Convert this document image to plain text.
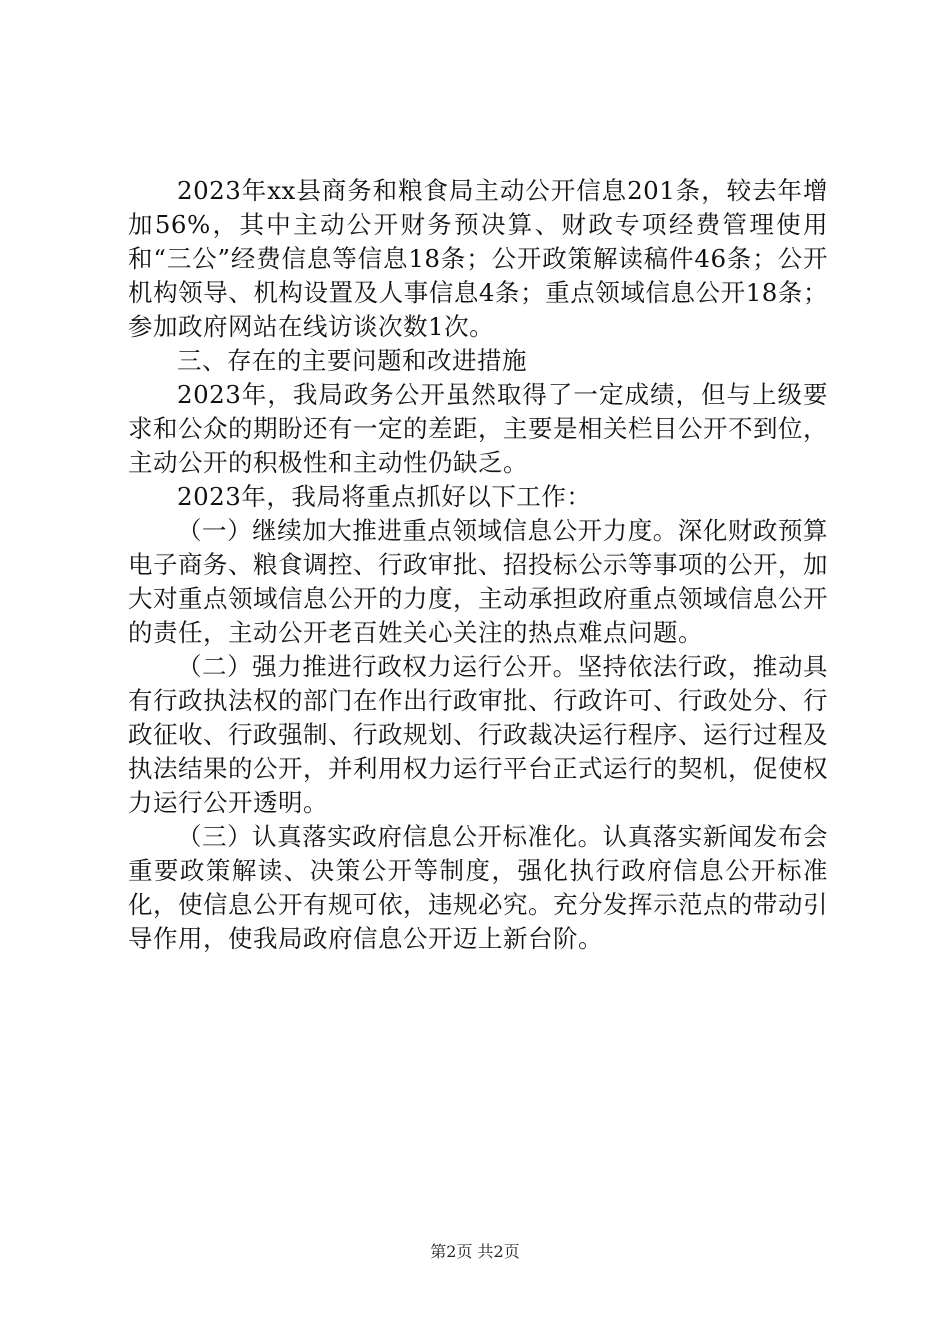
2023年xx县商务和粮食局主动公开信息201条，较去年增加56%，其中主动公开财务预决算、财政专项经费管理使用和“三公”经费信息等信息18条；公开政策解读稿件46条；公开机构领导、机构设置及人事信息4条；重点领域信息公开18条；参加政府网站在线访谈次数1次。

三、存在的主要问题和改进措施

2023年，我局政务公开虽然取得了一定成绩，但与上级要求和公众的期盼还有一定的差距，主要是相关栏目公开不到位，主动公开的积极性和主动性仍缺乏。

2023年，我局将重点抓好以下工作：

（一）继续加大推进重点领域信息公开力度。深化财政预算电子商务、粮食调控、行政审批、招投标公示等事项的公开，加大对重点领域信息公开的力度，主动承担政府重点领域信息公开的责任，主动公开老百姓关心关注的热点难点问题。

（二）强力推进行政权力运行公开。坚持依法行政，推动具有行政执法权的部门在作出行政审批、行政许可、行政处分、行政征收、行政强制、行政规划、行政裁决运行程序、运行过程及执法结果的公开，并利用权力运行平台正式运行的契机，促使权力运行公开透明。

（三）认真落实政府信息公开标准化。认真落实新闻发布会重要政策解读、决策公开等制度，强化执行政府信息公开标准化，使信息公开有规可依，违规必究。充分发挥示范点的带动引导作用，使我局政府信息公开迈上新台阶。

第2页 共2页
